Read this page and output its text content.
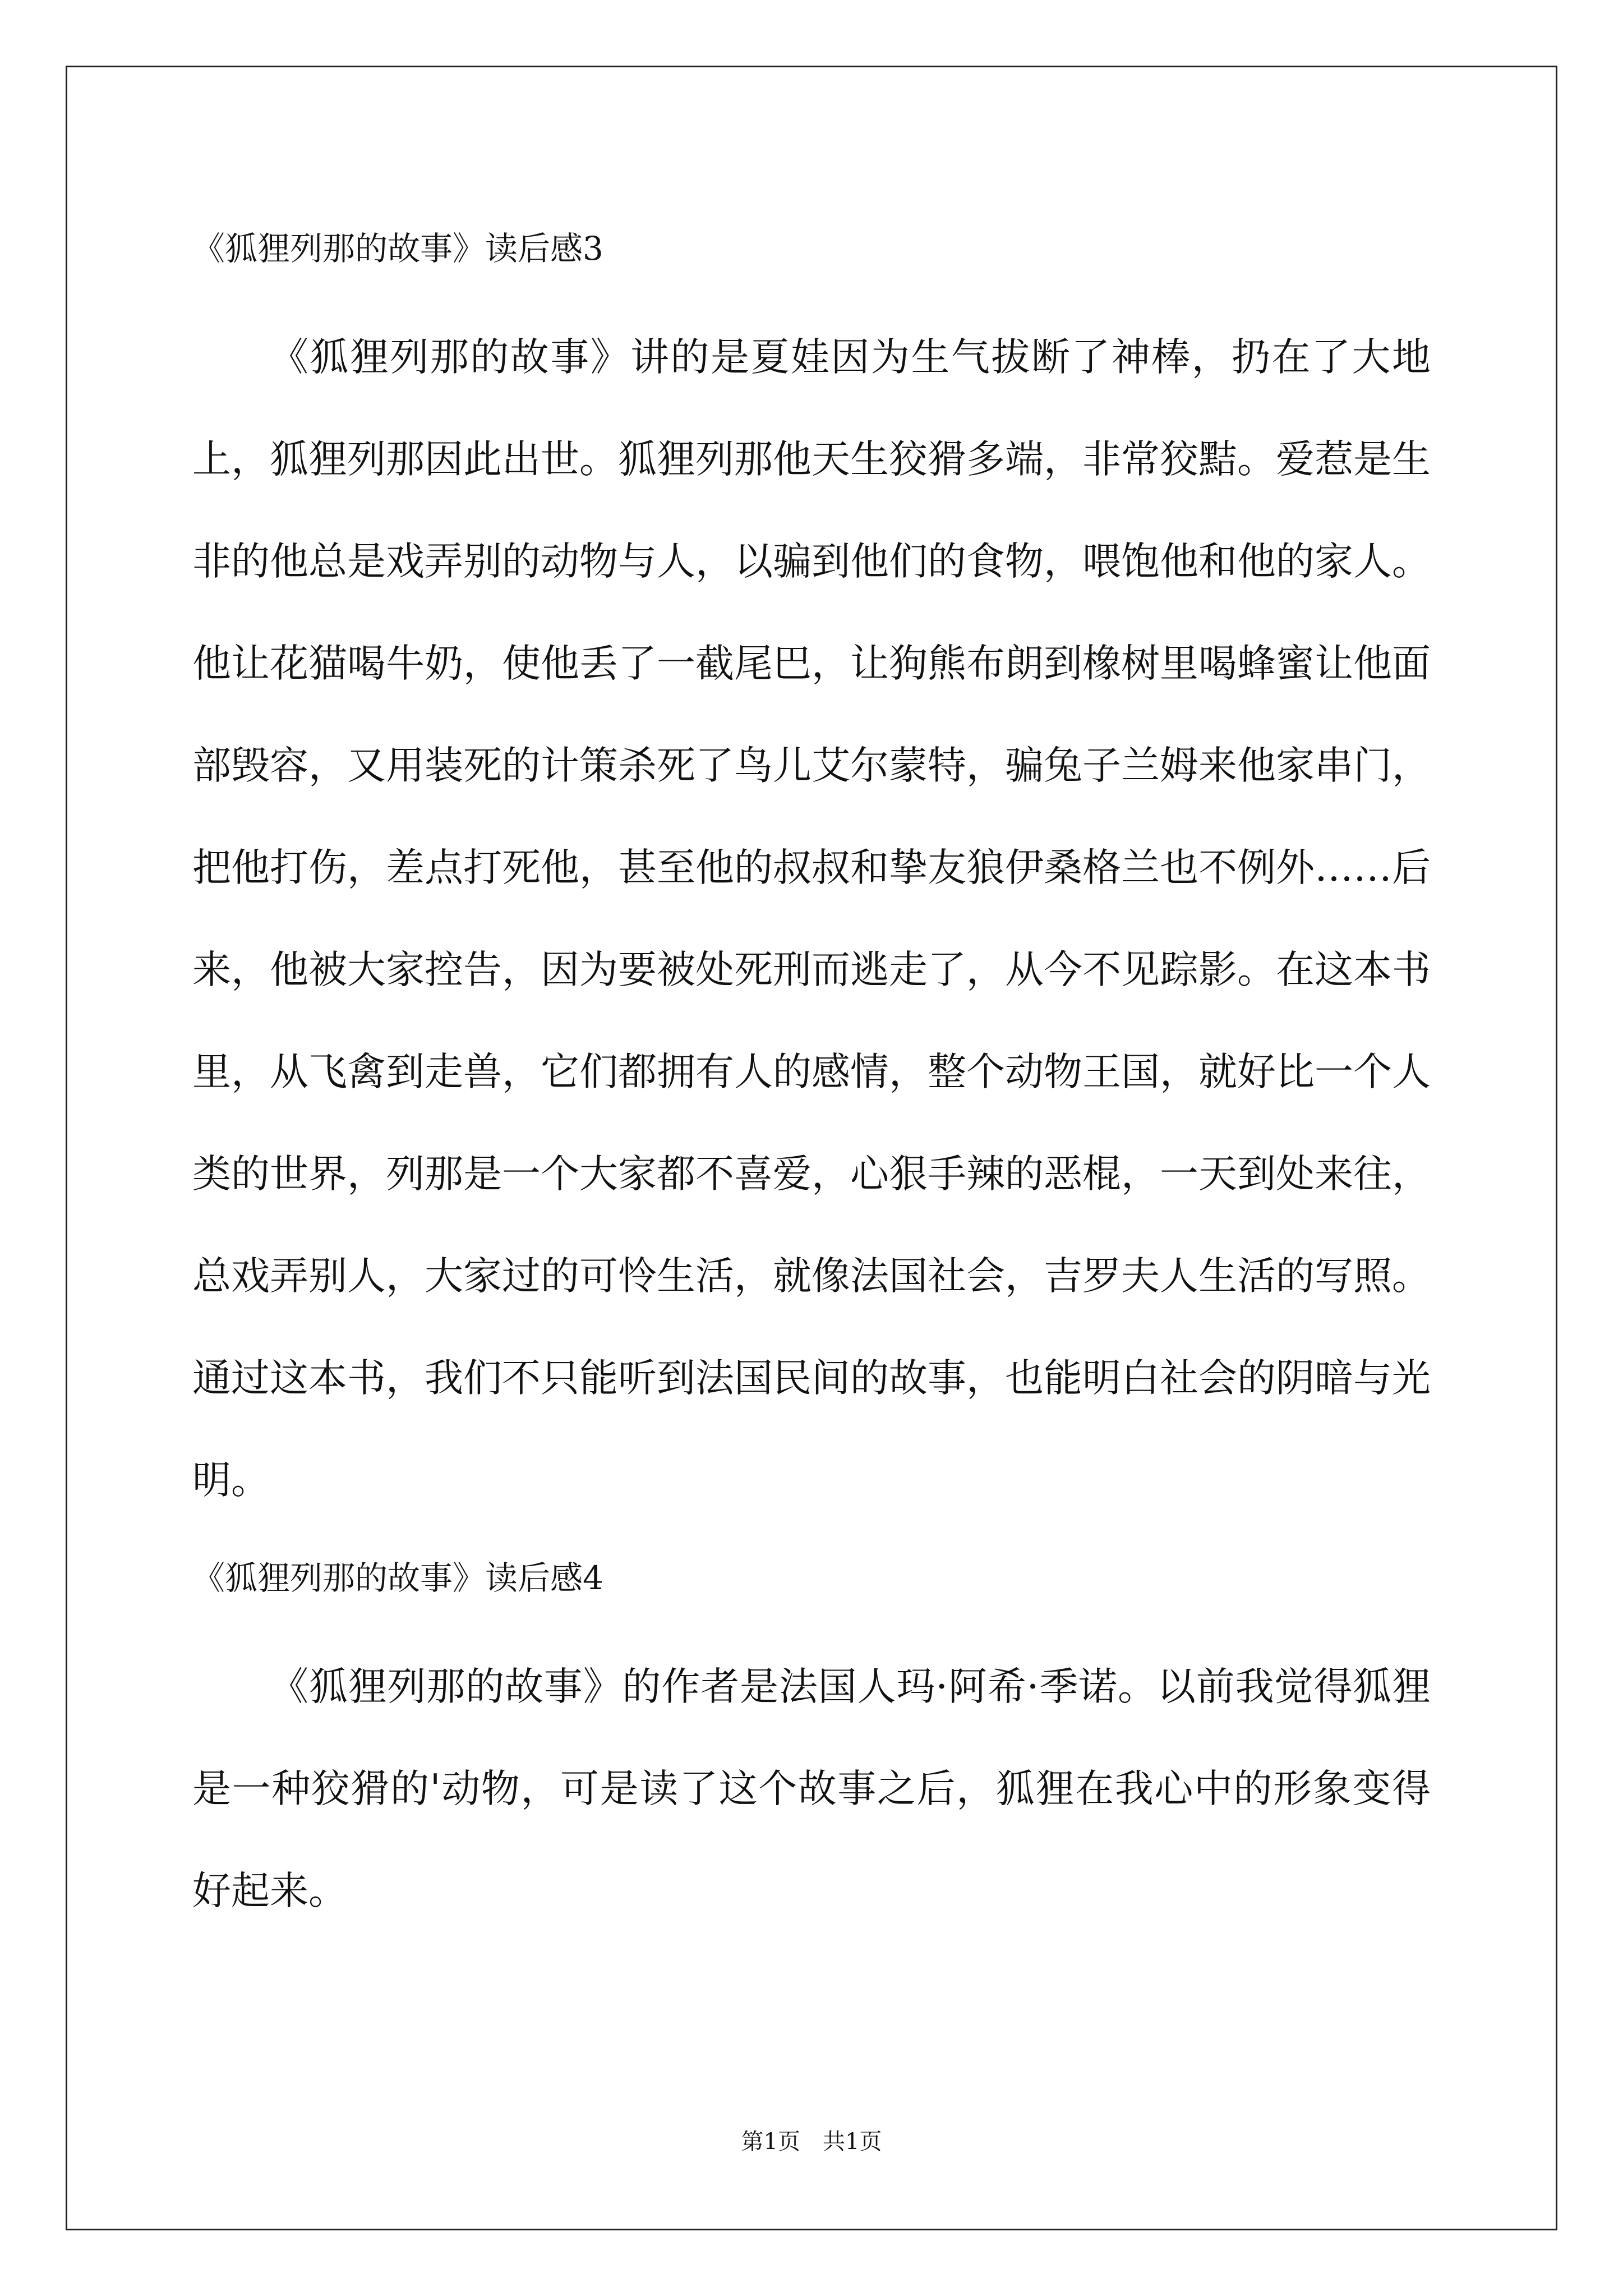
《狐狸列那的故事》读后感3

《狐狸列那的故事》讲的是夏娃因为生气拔断了神棒，扔在了大地上，狐狸列那因此出世。狐狸列那他天生狡猾多端，非常狡黠。爱惹是生非的他总是戏弄别的动物与人，以骗到他们的食物，喂饱他和他的家人。他让花猫喝牛奶，使他丢了一截尾巴，让狗熊布朗到橡树里喝蜂蜜让他面部毁容，又用装死的计策杀死了鸟儿艾尔蒙特，骗兔子兰姆来他家串门，把他打伤，差点打死他，甚至他的叔叔和挚友狼伊桑格兰也不例外……后来，他被大家控告，因为要被处死刑而逃走了，从今不见踪影。在这本书里，从飞禽到走兽，它们都拥有人的感情，整个动物王国，就好比一个人类的世界，列那是一个大家都不喜爱，心狠手辣的恶棍，一天到处来往，总戏弄别人，大家过的可怜生活，就像法国社会，吉罗夫人生活的写照。通过这本书，我们不只能听到法国民间的故事，也能明白社会的阴暗与光明。

《狐狸列那的故事》读后感4

《狐狸列那的故事》的作者是法国人玛·阿希·季诺。以前我觉得狐狸是一种狡猾的'动物，可是读了这个故事之后，狐狸在我心中的形象变得好起来。

第1页　共1页
